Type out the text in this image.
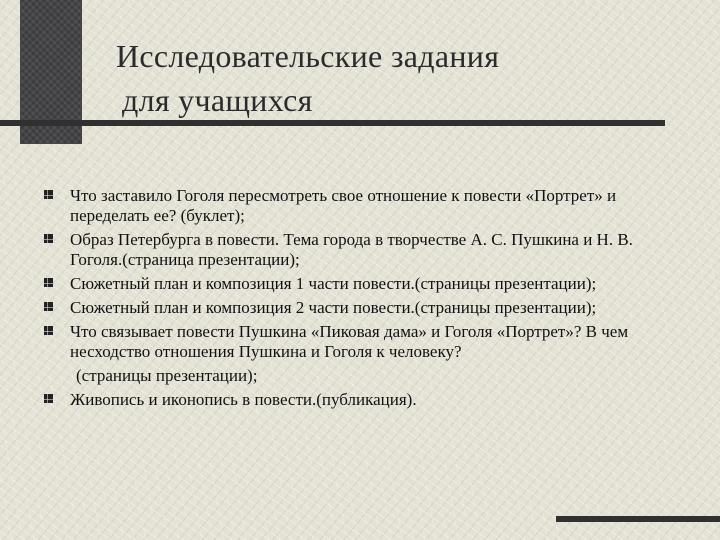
Исследовательские задания
для учащихся
Что заставило Гоголя пересмотреть свое отношение к повести «Портрет» и переделать ее? (буклет);
Образ Петербурга в повести. Тема города в творчестве А. С. Пушкина и Н. В. Гоголя.(страница презентации);
Сюжетный план и композиция 1 части повести.(страницы презентации);
Сюжетный план и композиция 2 части повести.(страницы презентации);
Что связывает повести Пушкина «Пиковая дама» и Гоголя «Портрет»? В чем несходство отношения Пушкина и Гоголя к человеку?
(страницы презентации);
Живопись и иконопись в повести.(публикация).
